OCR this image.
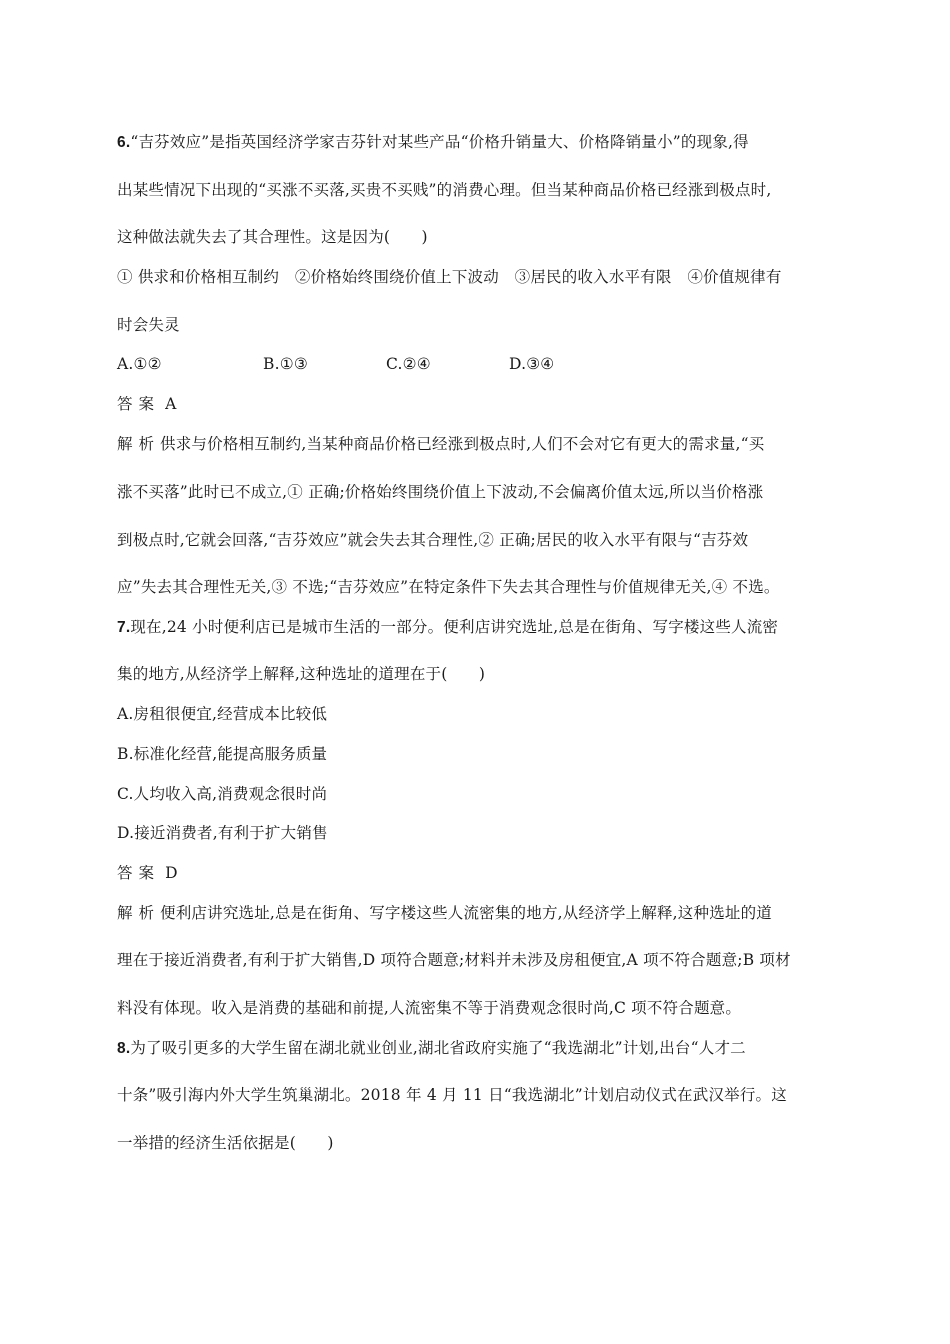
6.“吉芬效应”是指英国经济学家吉芬针对某些产品“价格升销量大、价格降销量小”的现象,得
出某些情况下出现的“买涨不买落,买贵不买贱”的消费心理。但当某种商品价格已经涨到极点时,
这种做法就失去了其合理性。这是因为(　　)
① 供求和价格相互制约　②价格始终围绕价值上下波动　③居民的收入水平有限　④价值规律有
时会失灵
A.①②	B.①③	C.②④	D.③④
答案 A
解析供求与价格相互制约,当某种商品价格已经涨到极点时,人们不会对它有更大的需求量,“买
涨不买落”此时已不成立,① 正确;价格始终围绕价值上下波动,不会偏离价值太远,所以当价格涨
到极点时,它就会回落,“吉芬效应”就会失去其合理性,② 正确;居民的收入水平有限与“吉芬效
应”失去其合理性无关,③ 不选;“吉芬效应”在特定条件下失去其合理性与价值规律无关,④ 不选。
7.现在,24 小时便利店已是城市生活的一部分。便利店讲究选址,总是在街角、写字楼这些人流密
集的地方,从经济学上解释,这种选址的道理在于(　　)
A.房租很便宜,经营成本比较低
B.标准化经营,能提高服务质量
C.人均收入高,消费观念很时尚
D.接近消费者,有利于扩大销售
答案 D
解析便利店讲究选址,总是在街角、写字楼这些人流密集的地方,从经济学上解释,这种选址的道
理在于接近消费者,有利于扩大销售,D 项符合题意;材料并未涉及房租便宜,A 项不符合题意;B 项材
料没有体现。收入是消费的基础和前提,人流密集不等于消费观念很时尚,C 项不符合题意。
8.为了吸引更多的大学生留在湖北就业创业,湖北省政府实施了“我选湖北”计划,出台“人才二
十条”吸引海内外大学生筑巢湖北。2018 年 4 月 11 日“我选湖北”计划启动仪式在武汉举行。这
一举措的经济生活依据是(　　)
